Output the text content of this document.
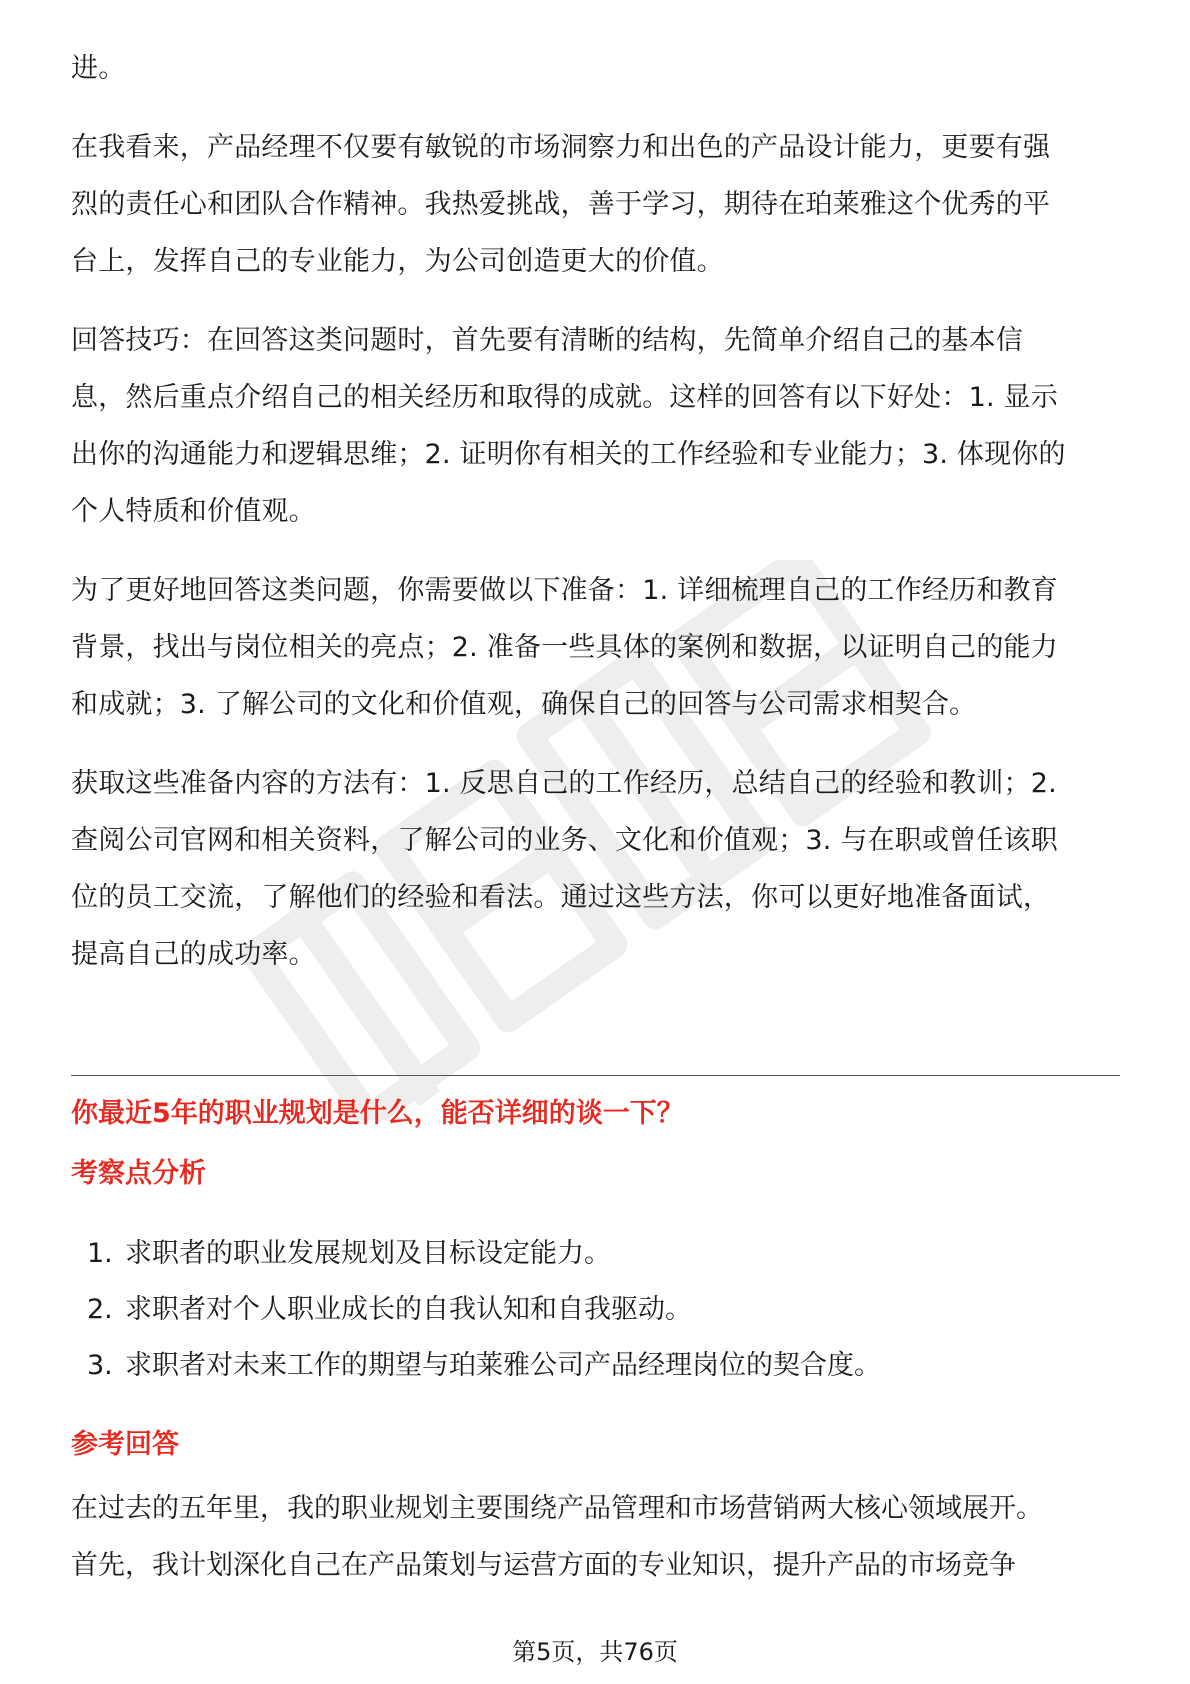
进。

在我看来，产品经理不仅要有敏锐的市场洞察力和出色的产品设计能力，更要有强
烈的责任心和团队合作精神。我热爱挑战，善于学习，期待在珀莱雅这个优秀的平
台上，发挥自己的专业能力，为公司创造更大的价值。

回答技巧：在回答这类问题时，首先要有清晰的结构，先简单介绍自己的基本信
息，然后重点介绍自己的相关经历和取得的成就。这样的回答有以下好处：1. 显示
出你的沟通能力和逻辑思维；2. 证明你有相关的工作经验和专业能力；3. 体现你的
个人特质和价值观。

为了更好地回答这类问题，你需要做以下准备：1. 详细梳理自己的工作经历和教育
背景，找出与岗位相关的亮点；2. 准备一些具体的案例和数据，以证明自己的能力
和成就；3. 了解公司的文化和价值观，确保自己的回答与公司需求相契合。

获取这些准备内容的方法有：1. 反思自己的工作经历，总结自己的经验和教训；2.
查阅公司官网和相关资料，了解公司的业务、文化和价值观；3. 与在职或曾任该职
位的员工交流，了解他们的经验和看法。通过这些方法，你可以更好地准备面试，
提高自己的成功率。

你最近5年的职业规划是什么，能否详细的谈一下？
考察点分析
1. 求职者的职业发展规划及目标设定能力。
2. 求职者对个人职业成长的自我认知和自我驱动。
3. 求职者对未来工作的期望与珀莱雅公司产品经理岗位的契合度。
参考回答

在过去的五年里，我的职业规划主要围绕产品管理和市场营销两大核心领域展开。
首先，我计划深化自己在产品策划与运营方面的专业知识，提升产品的市场竞争

第5页，共76页
